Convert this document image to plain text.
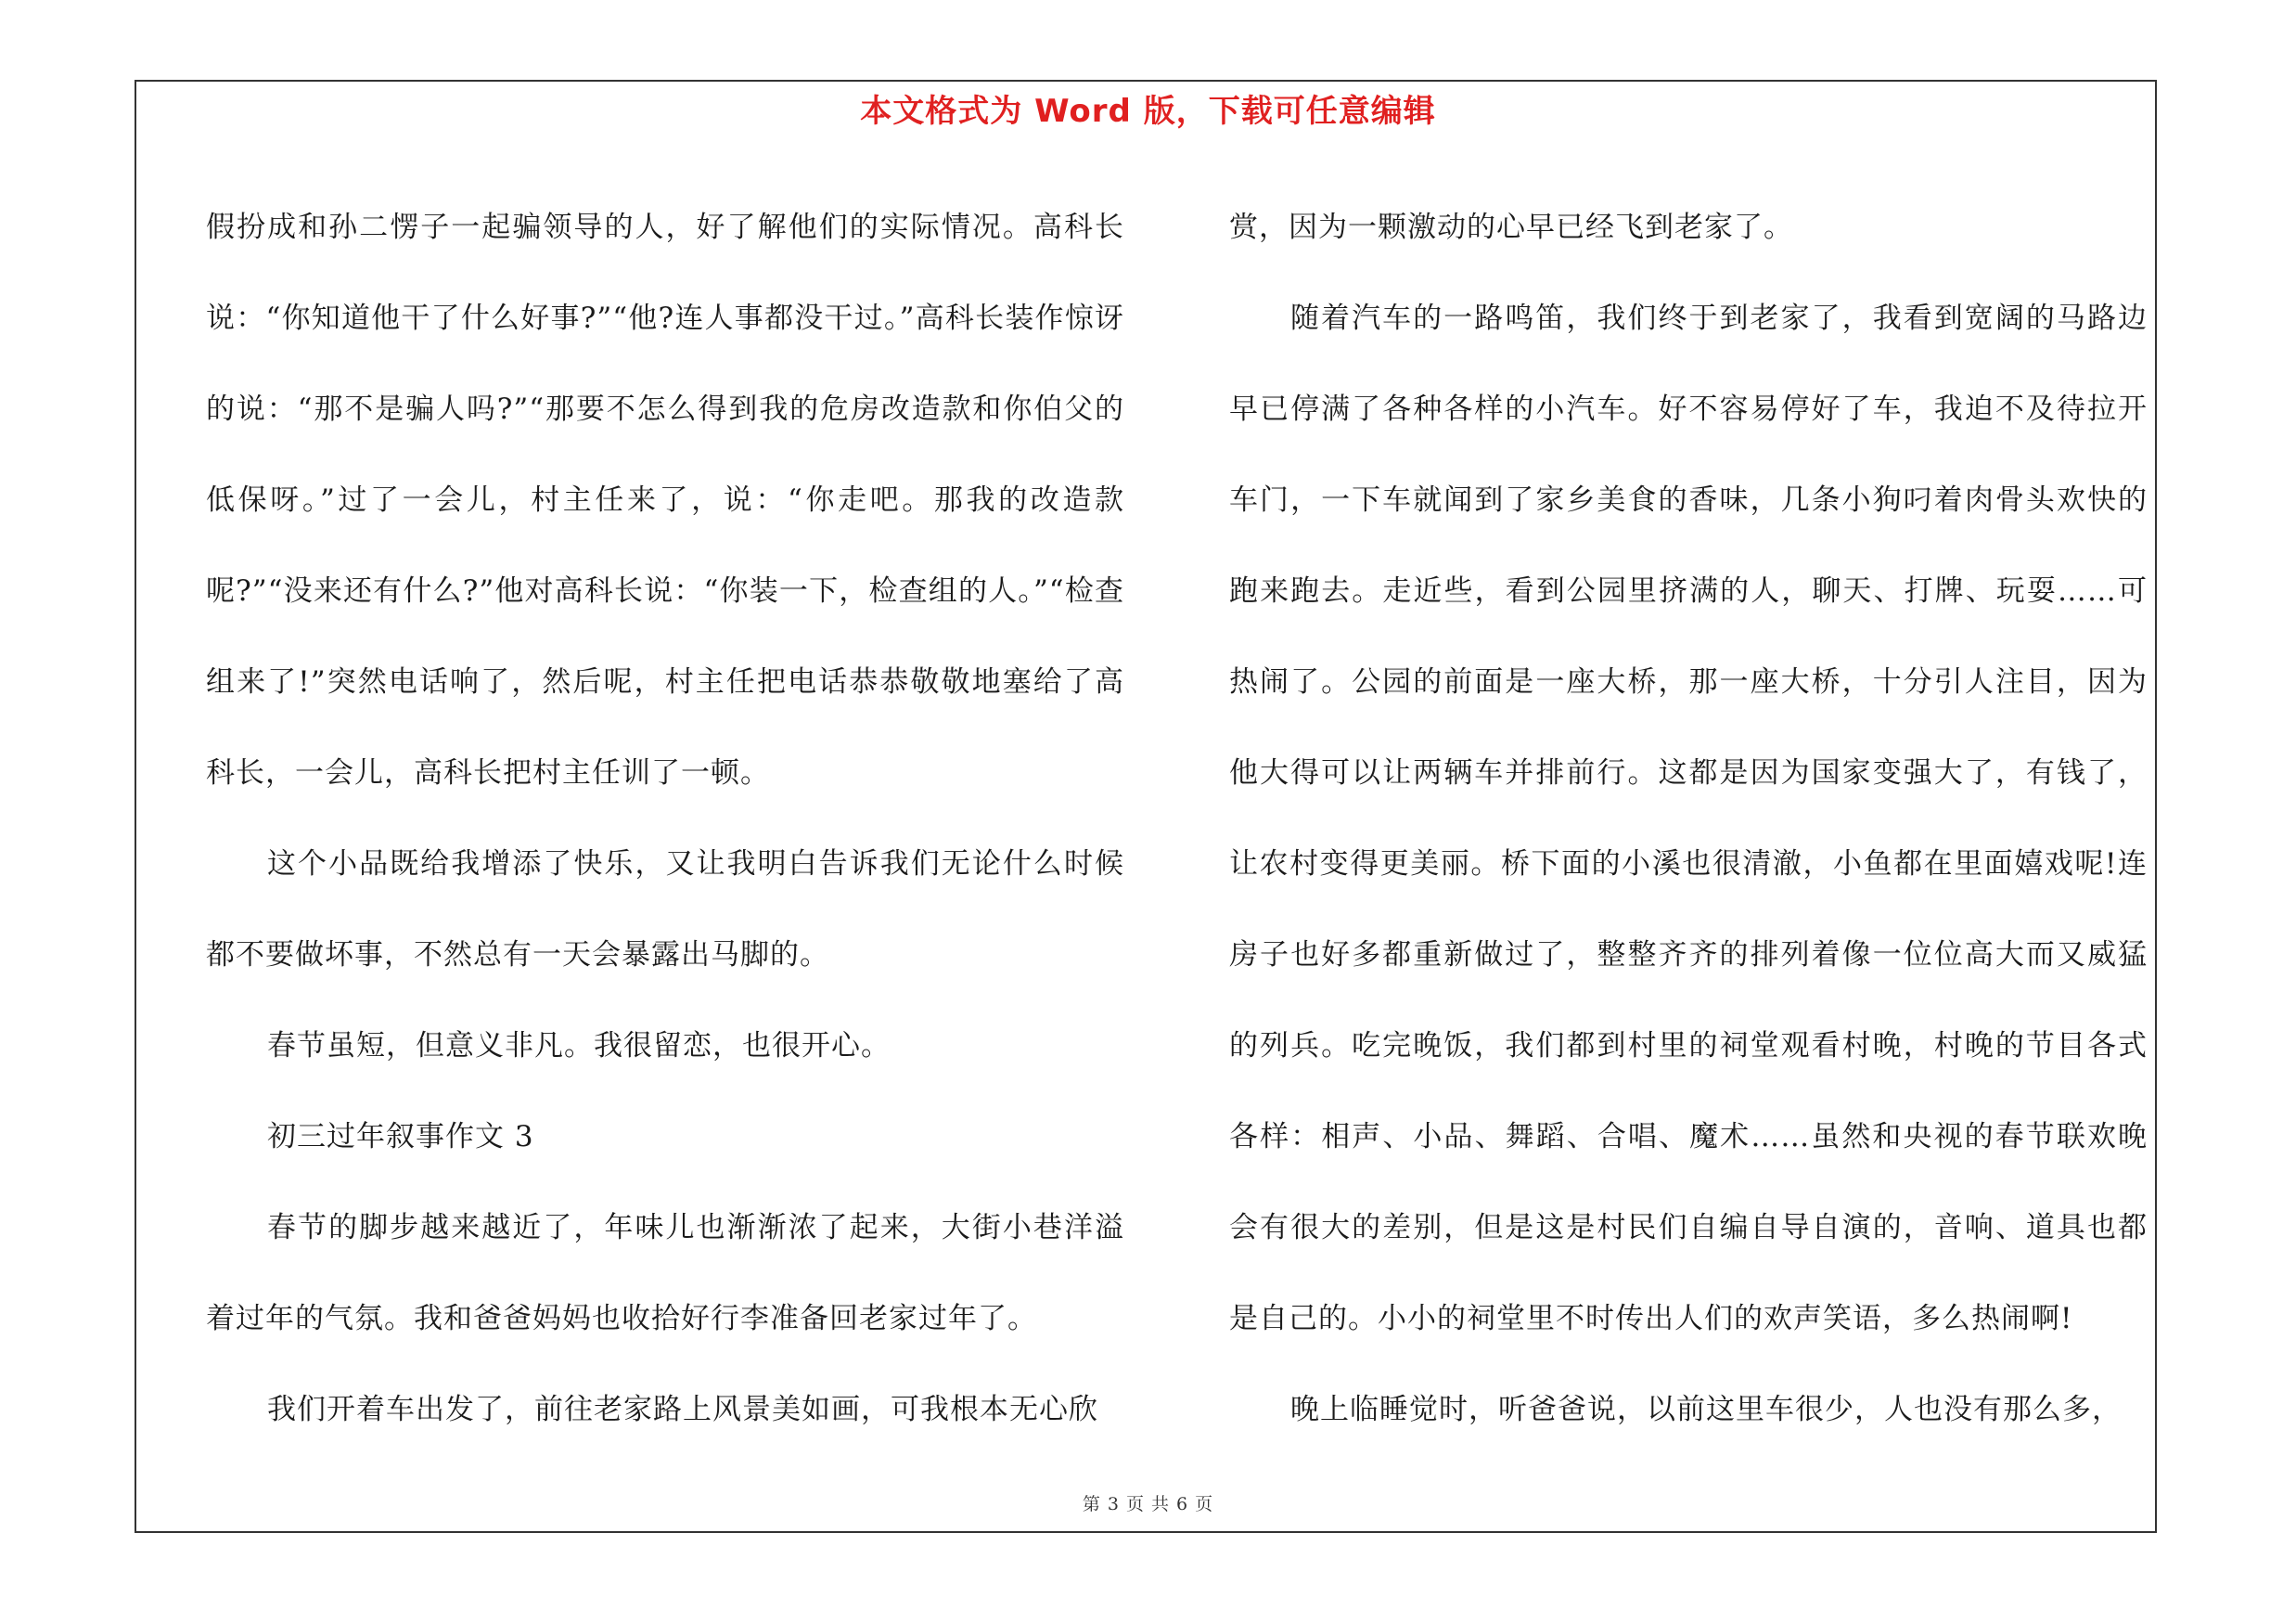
本文格式为 Word 版，下载可任意编辑

假扮成和孙二愣子一起骗领导的人，好了解他们的实际情况。高科长说：“你知道他干了什么好事?”“他?连人事都没干过。”高科长装作惊讶的说：“那不是骗人吗?”“那要不怎么得到我的危房改造款和你伯父的低保呀。”过了一会儿，村主任来了，说：“你走吧。那我的改造款呢?”“没来还有什么?”他对高科长说：“你装一下，检查组的人。”“检查组来了!”突然电话响了，然后呢，村主任把电话恭恭敬敬地塞给了高科长，一会儿，高科长把村主任训了一顿。

这个小品既给我增添了快乐，又让我明白告诉我们无论什么时候都不要做坏事，不然总有一天会暴露出马脚的。

春节虽短，但意义非凡。我很留恋，也很开心。

初三过年叙事作文 3

春节的脚步越来越近了，年味儿也渐渐浓了起来，大街小巷洋溢着过年的气氛。我和爸爸妈妈也收拾好行李准备回老家过年了。

我们开着车出发了，前往老家路上风景美如画，可我根本无心欣

赏，因为一颗激动的心早已经飞到老家了。

随着汽车的一路鸣笛，我们终于到老家了，我看到宽阔的马路边早已停满了各种各样的小汽车。好不容易停好了车，我迫不及待拉开车门，一下车就闻到了家乡美食的香味，几条小狗叼着肉骨头欢快的跑来跑去。走近些，看到公园里挤满的人，聊天、打牌、玩耍……可热闹了。公园的前面是一座大桥，那一座大桥，十分引人注目，因为他大得可以让两辆车并排前行。这都是因为国家变强大了，有钱了，让农村变得更美丽。桥下面的小溪也很清澈，小鱼都在里面嬉戏呢!连房子也好多都重新做过了，整整齐齐的排列着像一位位高大而又威猛的列兵。吃完晚饭，我们都到村里的祠堂观看村晚，村晚的节目各式各样：相声、小品、舞蹈、合唱、魔术……虽然和央视的春节联欢晚会有很大的差别，但是这是村民们自编自导自演的，音响、道具也都是自己的。小小的祠堂里不时传出人们的欢声笑语，多么热闹啊!

晚上临睡觉时，听爸爸说，以前这里车很少，人也没有那么多，

第 3 页 共 6 页
